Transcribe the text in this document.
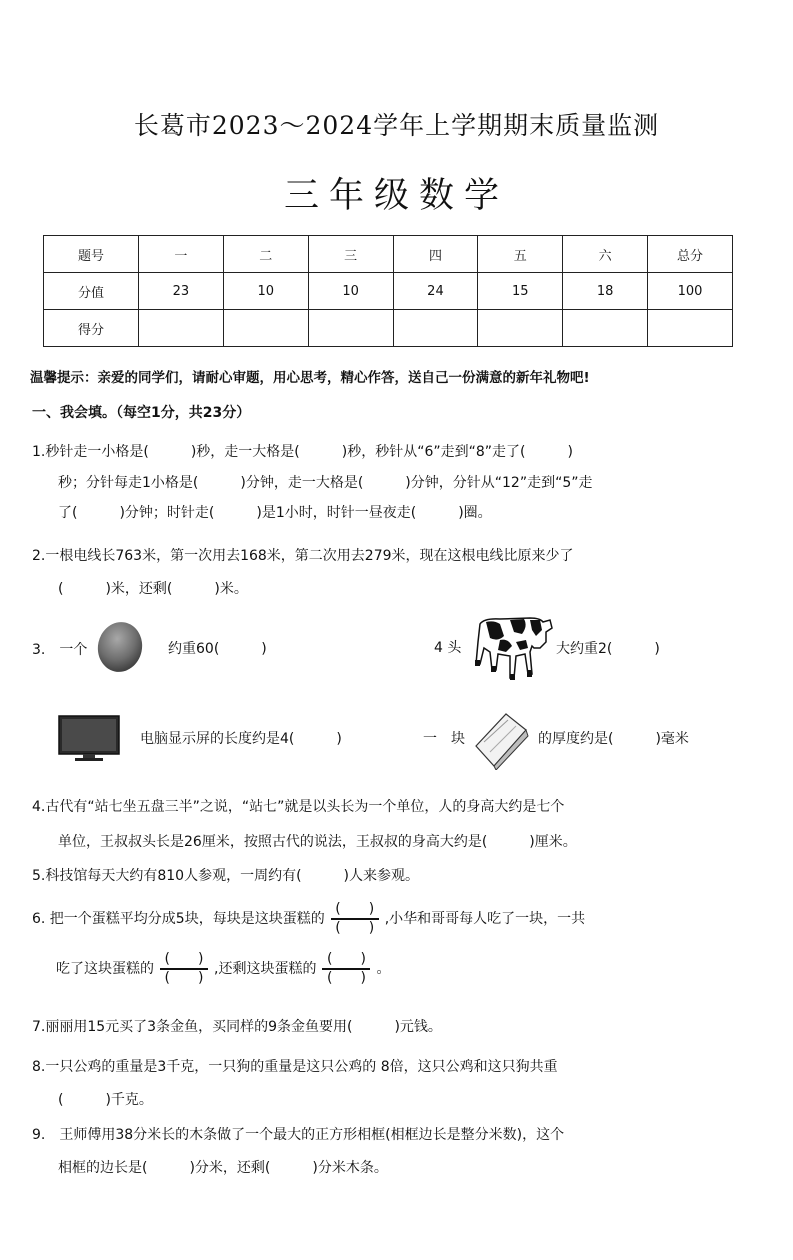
长葛市2023～2024学年上学期期末质量监测
三年级数学
题号	一	二	三	四	五	六	总分
分值	23	10	10	24	15	18	100
得分							
温馨提示：亲爱的同学们，请耐心审题，用心思考，精心作答，送自己一份满意的新年礼物吧!
一、我会填。（每空1分，共23分）
1.秒针走一小格是(　　　)秒，走一大格是(　　　)秒，秒针从“6”走到“8”走了(　　　)
秒；分针每走1小格是(　　　)分钟，走一大格是(　　　)分钟，分针从“12”走到“5”走
了(　　　)分钟；时针走(　　　)是1小时，时针一昼夜走(　　　)圈。
2.一根电线长763米，第一次用去168米，第二次用去279米，现在这根电线比原来少了
(　　　)米，还剩(　　　)米。
3.　一个	约重60(　　　)	4 头	大约重2(　　　)
电脑显示屏的长度约是4(　　　)	一　块	的厚度约是(　　　)毫米
4.古代有“站七坐五盘三半”之说，“站七”就是以头长为一个单位，人的身高大约是七个
单位，王叔叔头长是26厘米，按照古代的说法，王叔叔的身高大约是(　　　)厘米。
5.科技馆每天大约有810人参观，一周约有(　　　)人来参观。
6. 把一个蛋糕平均分成5块，每块是这块蛋糕的 $\frac{( )}{( )}$ ,小华和哥哥每人吃了一块，一共
吃了这块蛋糕的 $\frac{( )}{( )}$ ,还剩这块蛋糕的 $\frac{( )}{( )}$ 。
7.丽丽用15元买了3条金鱼，买同样的9条金鱼要用(　　　)元钱。
8.一只公鸡的重量是3千克，一只狗的重量是这只公鸡的 8倍，这只公鸡和这只狗共重
(　　　)千克。
9.　王师傅用38分米长的木条做了一个最大的正方形相框(相框边长是整分米数)，这个
相框的边长是(　　　)分米，还剩(　　　)分米木条。
